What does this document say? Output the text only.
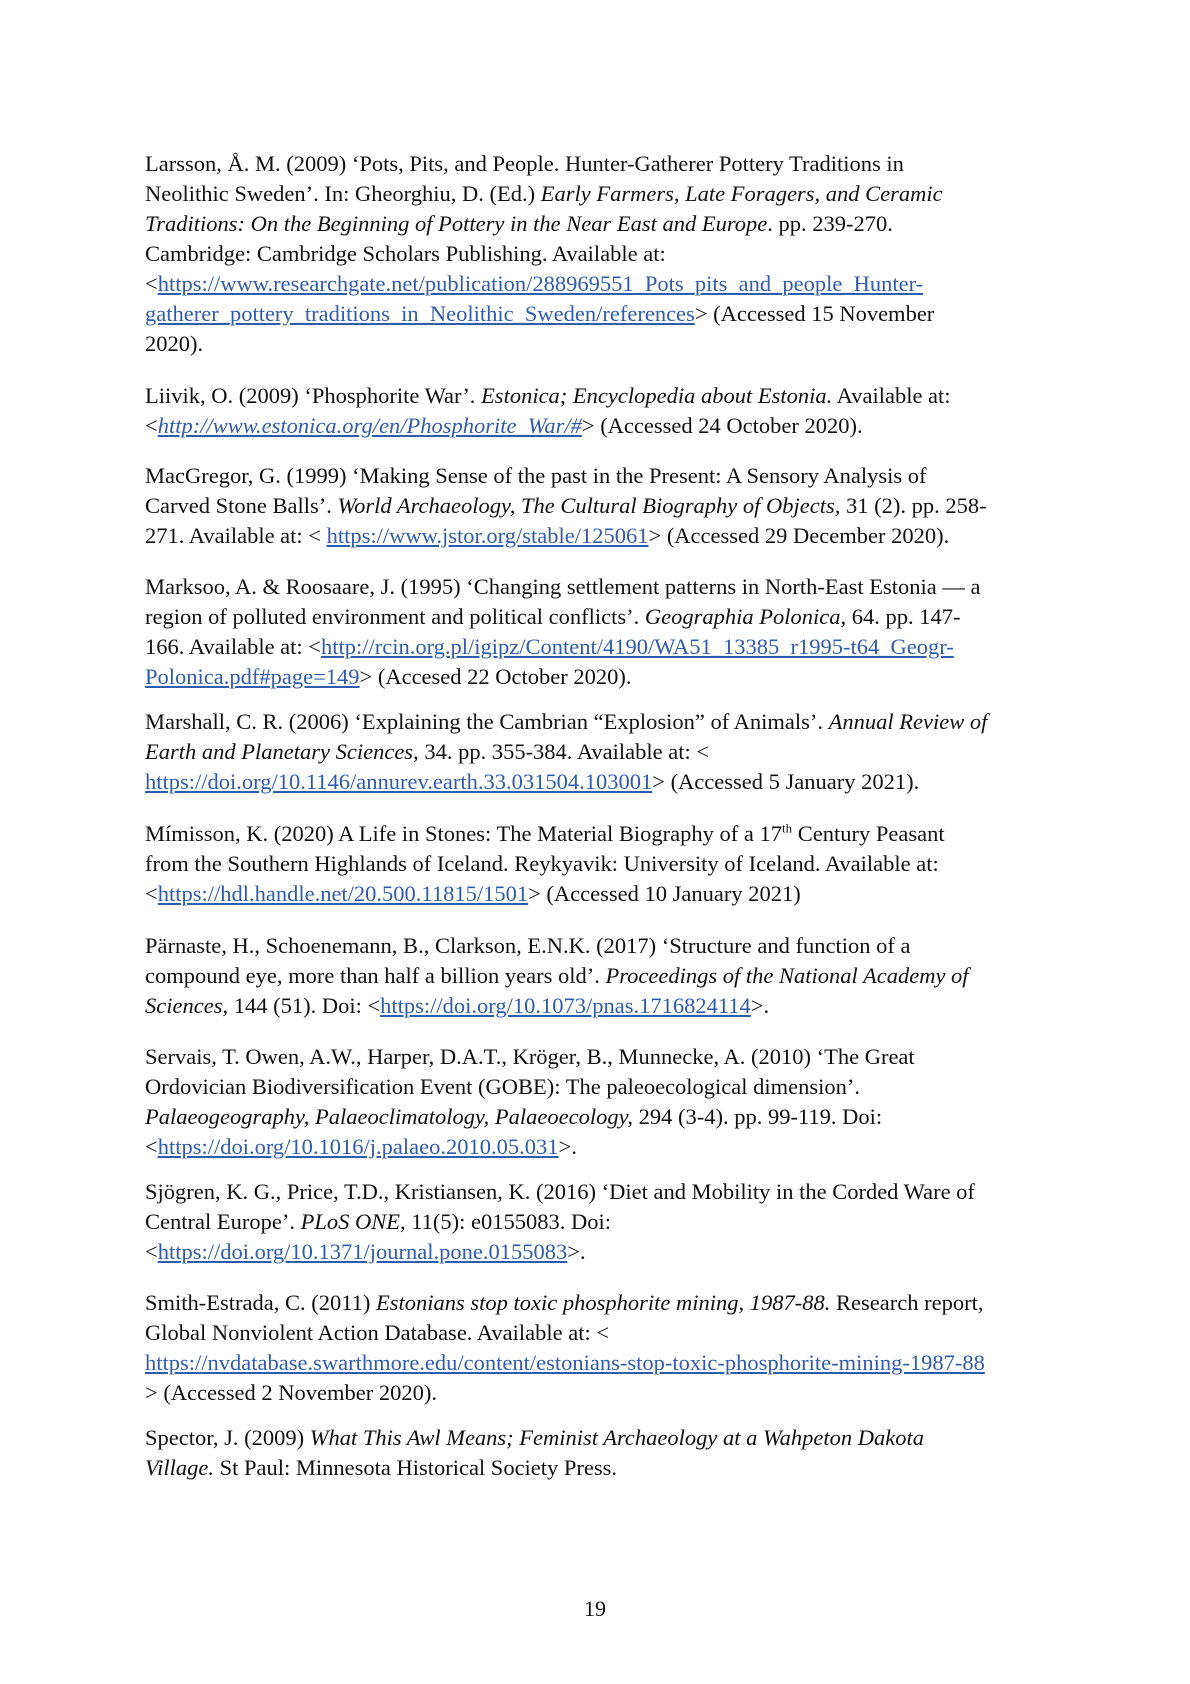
Larsson, Å. M. (2009) ‘Pots, Pits, and People. Hunter-Gatherer Pottery Traditions in
Neolithic Sweden’. In: Gheorghiu, D. (Ed.) Early Farmers, Late Foragers, and Ceramic
Traditions: On the Beginning of Pottery in the Near East and Europe. pp. 239-270.
Cambridge: Cambridge Scholars Publishing. Available at:
<https://www.researchgate.net/publication/288969551_Pots_pits_and_people_Hunter-
gatherer_pottery_traditions_in_Neolithic_Sweden/references> (Accessed 15 November
2020).
Liivik, O. (2009) ‘Phosphorite War’. Estonica; Encyclopedia about Estonia. Available at:
<http://www.estonica.org/en/Phosphorite_War/#> (Accessed 24 October 2020).
MacGregor, G. (1999) ‘Making Sense of the past in the Present: A Sensory Analysis of
Carved Stone Balls’. World Archaeology, The Cultural Biography of Objects, 31 (2). pp. 258-
271. Available at: < https://www.jstor.org/stable/125061> (Accessed 29 December 2020).
Marksoo, A. & Roosaare, J. (1995) ‘Changing settlement patterns in North-East Estonia — a
region of polluted environment and political conflicts’. Geographia Polonica, 64. pp. 147-
166. Available at: <http://rcin.org.pl/igipz/Content/4190/WA51_13385_r1995-t64_Geogr-
Polonica.pdf#page=149> (Accesed 22 October 2020).
Marshall, C. R. (2006) ‘Explaining the Cambrian “Explosion” of Animals’. Annual Review of
Earth and Planetary Sciences, 34. pp. 355-384. Available at: <
https://doi.org/10.1146/annurev.earth.33.031504.103001> (Accessed 5 January 2021).
Mímisson, K. (2020) A Life in Stones: The Material Biography of a 17th Century Peasant
from the Southern Highlands of Iceland. Reykyavik: University of Iceland. Available at:
<https://hdl.handle.net/20.500.11815/1501> (Accessed 10 January 2021)
Pärnaste, H., Schoenemann, B., Clarkson, E.N.K. (2017) ‘Structure and function of a
compound eye, more than half a billion years old’. Proceedings of the National Academy of
Sciences, 144 (51). Doi: <https://doi.org/10.1073/pnas.1716824114>.
Servais, T. Owen, A.W., Harper, D.A.T., Kröger, B., Munnecke, A. (2010) ‘The Great
Ordovician Biodiversification Event (GOBE): The paleoecological dimension’.
Palaeogeography, Palaeoclimatology, Palaeoecology, 294 (3-4). pp. 99-119. Doi:
<https://doi.org/10.1016/j.palaeo.2010.05.031>.
Sjögren, K. G., Price, T.D., Kristiansen, K. (2016) ‘Diet and Mobility in the Corded Ware of
Central Europe’. PLoS ONE, 11(5): e0155083. Doi:
<https://doi.org/10.1371/journal.pone.0155083>.
Smith-Estrada, C. (2011) Estonians stop toxic phosphorite mining, 1987-88. Research report,
Global Nonviolent Action Database. Available at: <
https://nvdatabase.swarthmore.edu/content/estonians-stop-toxic-phosphorite-mining-1987-88
> (Accessed 2 November 2020).
Spector, J. (2009) What This Awl Means; Feminist Archaeology at a Wahpeton Dakota
Village. St Paul: Minnesota Historical Society Press.
19
